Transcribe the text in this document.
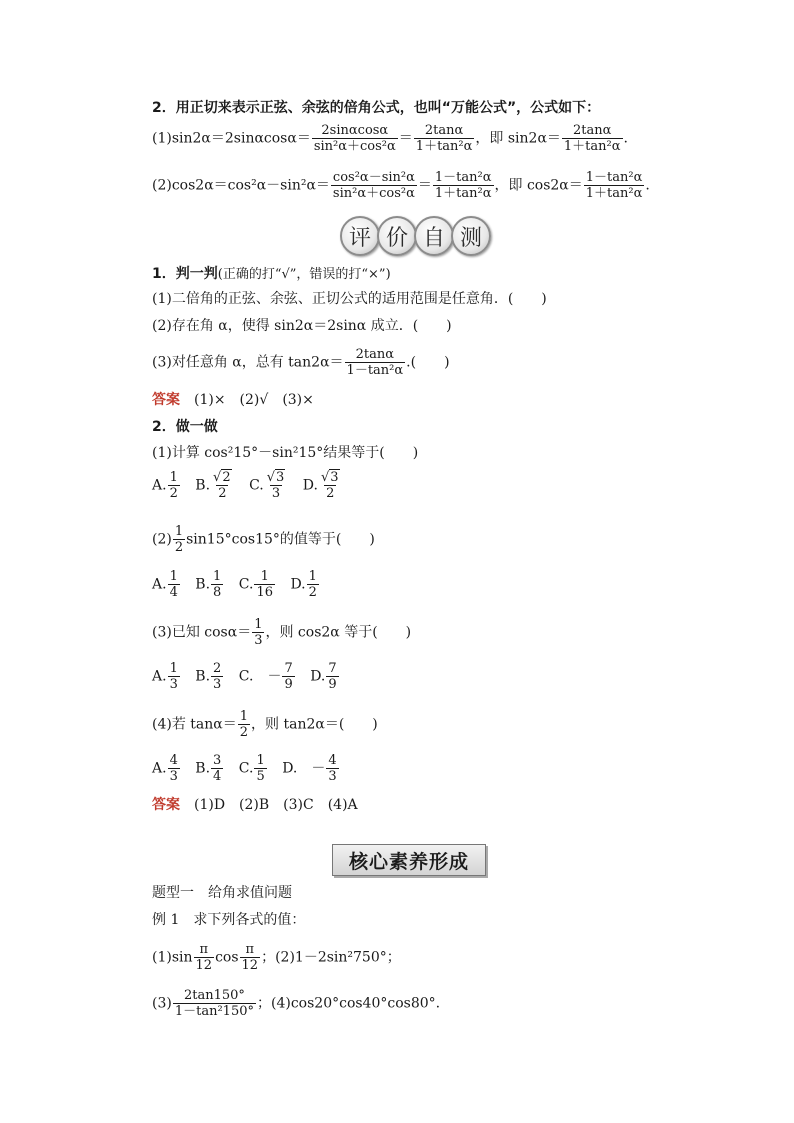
2．用正切来表示正弦、余弦的倍角公式，也叫“万能公式”，公式如下：
$(1)\sin 2\alpha=2\sin\alpha\cos\alpha= \frac{2\sin\alpha\cos\alpha}{\text{sin²α＋cos²α}} = \frac{2\tan\alpha}{\text{1＋tan²α}}$ ，即 $\sin 2\alpha= \frac{2\tan\alpha}{\text{1＋tan²α}}$ .
$(2)\cos 2\alpha=\cos^2\alpha-\sin^2\alpha= \frac{\text{cos²α－sin²α}}{\text{sin²α＋cos²α}} = \frac{\text{1－tan²α}}{\text{1＋tan²α}}$ ，即 $\cos 2\alpha= \frac{\text{1－tan²α}}{\text{1＋tan²α}}$ .
评 价 自 测
1．判一判(正确的打“√”，错误的打“×”)
(1)二倍角的正弦、余弦、正切公式的适用范围是任意角．(　　)
(2)存在角 α，使得 sin2α＝2sinα 成立．(　　)
(3)对任意角 α，总有 $\tan 2\alpha= \frac{2\tan\alpha}{\text{1－tan²α}}$ .(　　)
答案　 (1)×　(2)√　(3)×
2．做一做
(1)计算 cos²15°－sin²15°结果等于(　　)
A. $\frac{1}{2} B$. $\frac{√2}{2} C$. $\frac{√3}{3} D$. $\frac{√3}{2}$
$(2) \frac{1}{2} \sin 15^\circ\cos 15^\circ$的值等于(　　)
A. $\frac{1}{4} B$. $\frac{1}{8} C$. $\frac{1}{16} D$. $\frac{1}{2}$
(3)已知 $\cos\alpha= \frac{1}{3}$ ，则 cos2α 等于(　　)
A. $\frac{1}{3} B$. $\frac{2}{3} C$.　－ $\frac{7}{9} D$. $\frac{7}{9}$
(4)若 $\tan\alpha= \frac{1}{2}$ ，则 tan2α＝(　　)
A. $\frac{4}{3} B$. $\frac{3}{4} C$. $\frac{1}{5} D$.　－ $\frac{4}{3}$
答案　 (1)D　(2)B　(3)C　(4)A
核心素养形成
题型一　给角求值问题
例 1　求下列各式的值：
$(1)\sin \frac{\pi}{12}$ $\cos \frac{\pi}{12}$ ；(2)1－2sin²750°；
$(3) \frac{2\tan 150^\circ}{\text{1－tan²150°}}$ ；(4)cos20°cos40°cos80°.
